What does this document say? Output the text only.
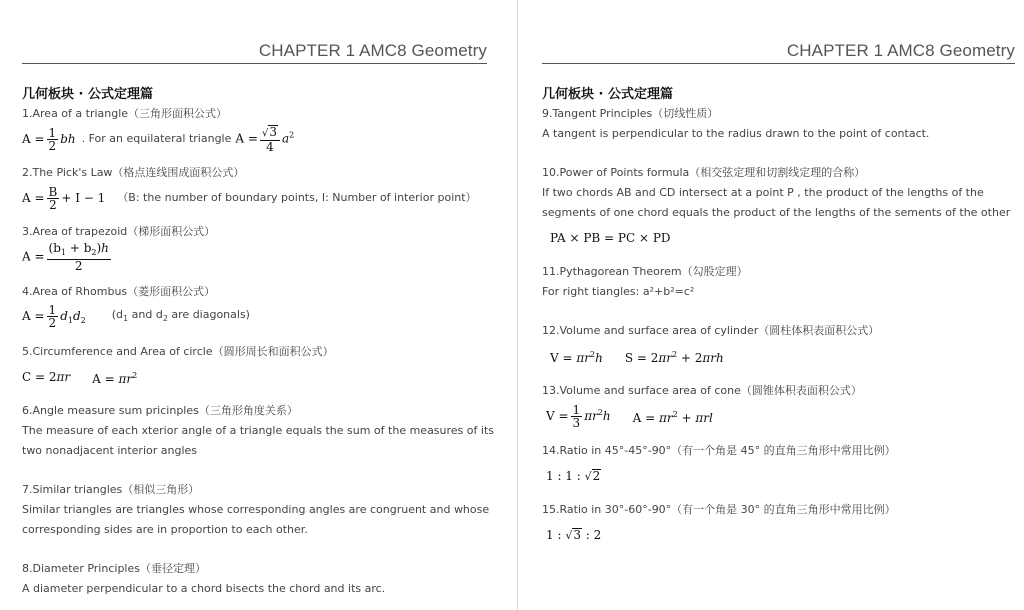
CHAPTER 1 AMC8 Geometry
几何板块 · 公式定理篇
1.Area of a triangle（三角形面积公式）
$A = \frac{1}{2}$ bh . For an equilateral triangle $A = \frac{√3}{4} a^2$
2.The Pick's Law（格点连线围成面积公式）
$A = \frac{B}{2} + I - 1$ （B: the number of boundary points, I: Number of interior point）
3.Area of trapezoid（梯形面积公式）
$A = \frac{(b_1 + b_2)h}{2}$
4.Area of Rhombus（菱形面积公式）
$A = \frac{1}{2} d_1d_2$ ($d_1$ and $d_2$ are diagonals)
5.Circumference and Area of circle（圆形周长和面积公式）
C = 2πr $A = \pi r^2$
6.Angle measure sum pricinples（三角形角度关系）
The measure of each xterior angle of a triangle equals the sum of the measures of its
two nonadjacent interior angles
7.Similar triangles（相似三角形）
Similar triangles are triangles whose corresponding angles are congruent and whose
corresponding sides are in proportion to each other.
8.Diameter Principles（垂径定理）
A diameter perpendicular to a chord bisects the chord and its arc.
CHAPTER 1 AMC8 Geometry
几何板块 · 公式定理篇
9.Tangent Principles（切线性质）
A tangent is perpendicular to the radius drawn to the point of contact.
10.Power of Points formula（相交弦定理和切割线定理的合称）
If two chords AB and CD intersect at a point P , the product of the lengths of the
segments of one chord equals the product of the lengths of the sements of the other
PA × PB = PC × PD
11.Pythagorean Theorem（勾股定理）
For right tiangles: a²+b²=c²
12.Volume and surface area of cylinder（圆柱体积表面积公式）
$V = \pi r^2h$ $S = 2\pi r^2 + 2\pi rh$
13.Volume and surface area of cone（圆锥体积表面积公式）
$V = \frac{1}{3} \pi r^2h$ $A = \pi r^2 + \pi rl$
14.Ratio in 45°-45°-90°（有一个角是 45° 的直角三角形中常用比例）
1 : 1 : √2
15.Ratio in 30°-60°-90°（有一个角是 30° 的直角三角形中常用比例）
1 : √3 : 2
